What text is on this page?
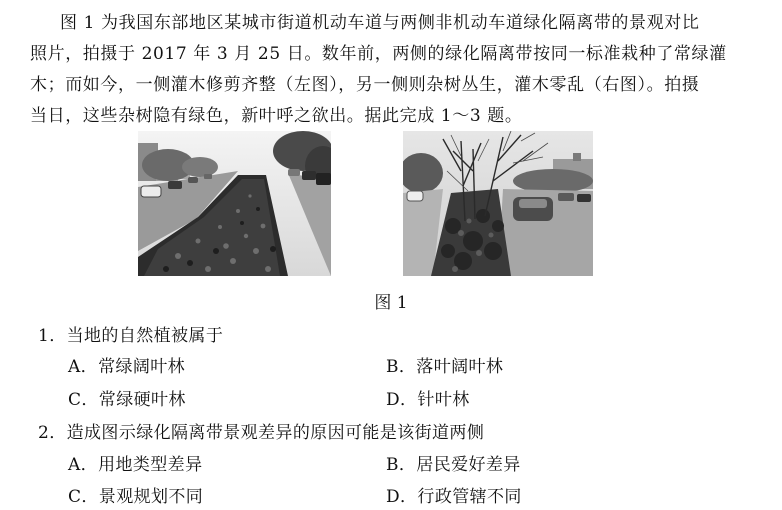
图 1 为我国东部地区某城市街道机动车道与两侧非机动车道绿化隔离带的景观对比

照片，拍摄于 2017 年 3 月 25 日。数年前，两侧的绿化隔离带按同一标准栽种了常绿灌

木；而如今，一侧灌木修剪齐整（左图），另一侧则杂树丛生，灌木零乱（右图）。拍摄

当日，这些杂树隐有绿色，新叶呼之欲出。据此完成 1～3 题。

图 1
1．当地的自然植被属于
A．常绿阔叶林	B．落叶阔叶林
C．常绿硬叶林	D．针叶林
2．造成图示绿化隔离带景观差异的原因可能是该街道两侧
A．用地类型差异	B．居民爱好差异
C．景观规划不同	D．行政管辖不同
